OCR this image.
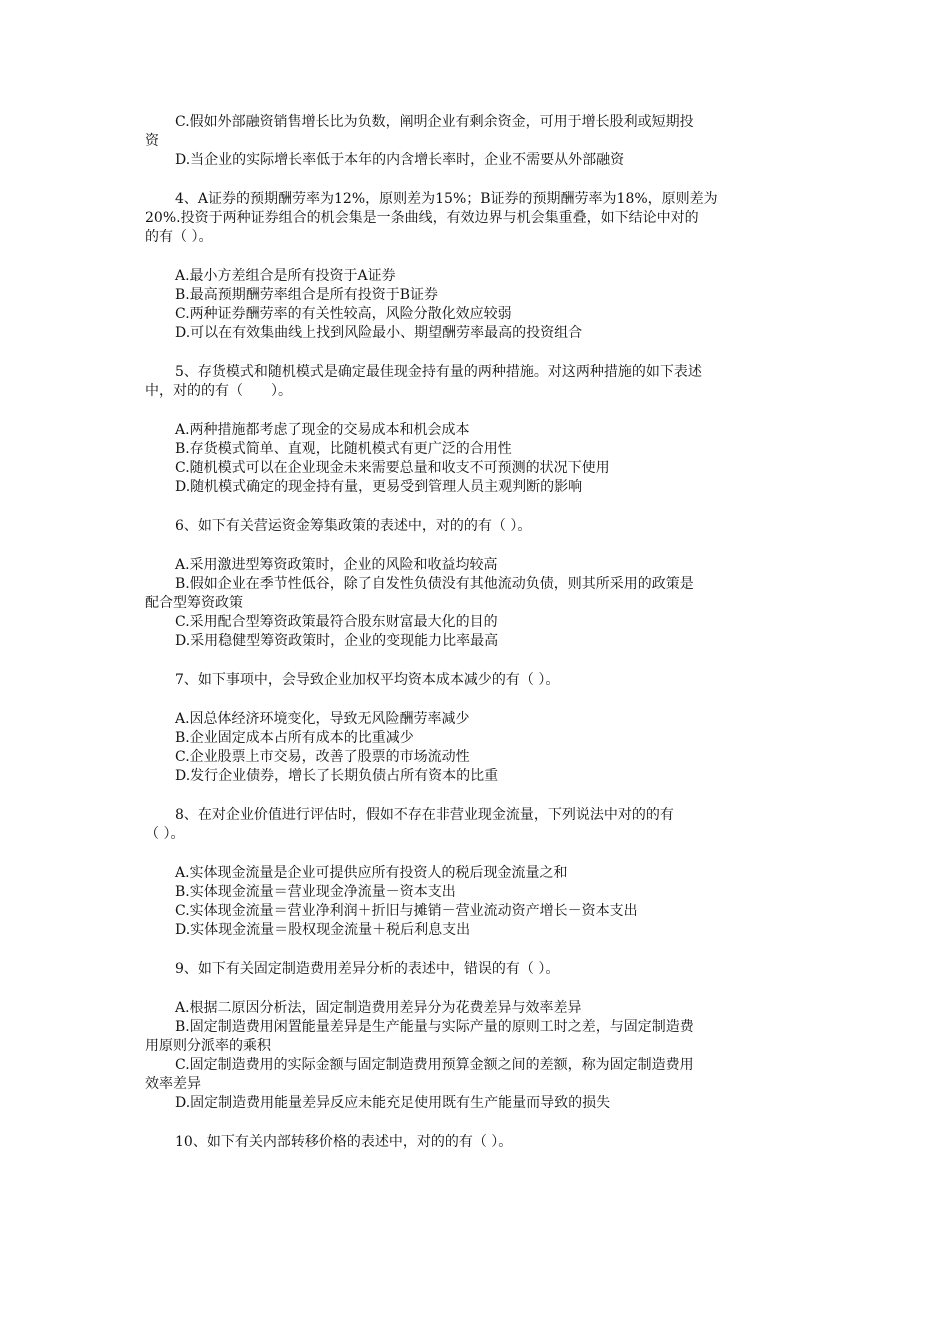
C.假如外部融资销售增长比为负数，阐明企业有剩余资金，可用于增长股利或短期投
资
D.当企业的实际增长率低于本年的内含增长率时，企业不需要从外部融资
4、A证券的预期酬劳率为12%，原则差为15%；B证券的预期酬劳率为18%，原则差为
20%.投资于两种证券组合的机会集是一条曲线，有效边界与机会集重叠，如下结论中对的
的有（ ）。
A.最小方差组合是所有投资于A证券
B.最高预期酬劳率组合是所有投资于B证券
C.两种证券酬劳率的有关性较高，风险分散化效应较弱
D.可以在有效集曲线上找到风险最小、期望酬劳率最高的投资组合
5、存货模式和随机模式是确定最佳现金持有量的两种措施。对这两种措施的如下表述
中，对的的有（　　）。
A.两种措施都考虑了现金的交易成本和机会成本
B.存货模式简单、直观，比随机模式有更广泛的合用性
C.随机模式可以在企业现金未来需要总量和收支不可预测的状况下使用
D.随机模式确定的现金持有量，更易受到管理人员主观判断的影响
6、如下有关营运资金筹集政策的表述中，对的的有（ ）。
A.采用激进型筹资政策时，企业的风险和收益均较高
B.假如企业在季节性低谷，除了自发性负债没有其他流动负债，则其所采用的政策是
配合型筹资政策
C.采用配合型筹资政策最符合股东财富最大化的目的
D.采用稳健型筹资政策时，企业的变现能力比率最高
7、如下事项中，会导致企业加权平均资本成本减少的有（ ）。
A.因总体经济环境变化，导致无风险酬劳率减少
B.企业固定成本占所有成本的比重减少
C.企业股票上市交易，改善了股票的市场流动性
D.发行企业债券，增长了长期负债占所有资本的比重
8、在对企业价值进行评估时，假如不存在非营业现金流量，下列说法中对的的有
（ ）。
A.实体现金流量是企业可提供应所有投资人的税后现金流量之和
B.实体现金流量＝营业现金净流量－资本支出
C.实体现金流量＝营业净利润＋折旧与摊销－营业流动资产增长－资本支出
D.实体现金流量＝股权现金流量＋税后利息支出
9、如下有关固定制造费用差异分析的表述中，错误的有（ ）。
A.根据二原因分析法，固定制造费用差异分为花费差异与效率差异
B.固定制造费用闲置能量差异是生产能量与实际产量的原则工时之差，与固定制造费
用原则分派率的乘积
C.固定制造费用的实际金额与固定制造费用预算金额之间的差额，称为固定制造费用
效率差异
D.固定制造费用能量差异反应未能充足使用既有生产能量而导致的损失
10、如下有关内部转移价格的表述中，对的的有（ ）。
